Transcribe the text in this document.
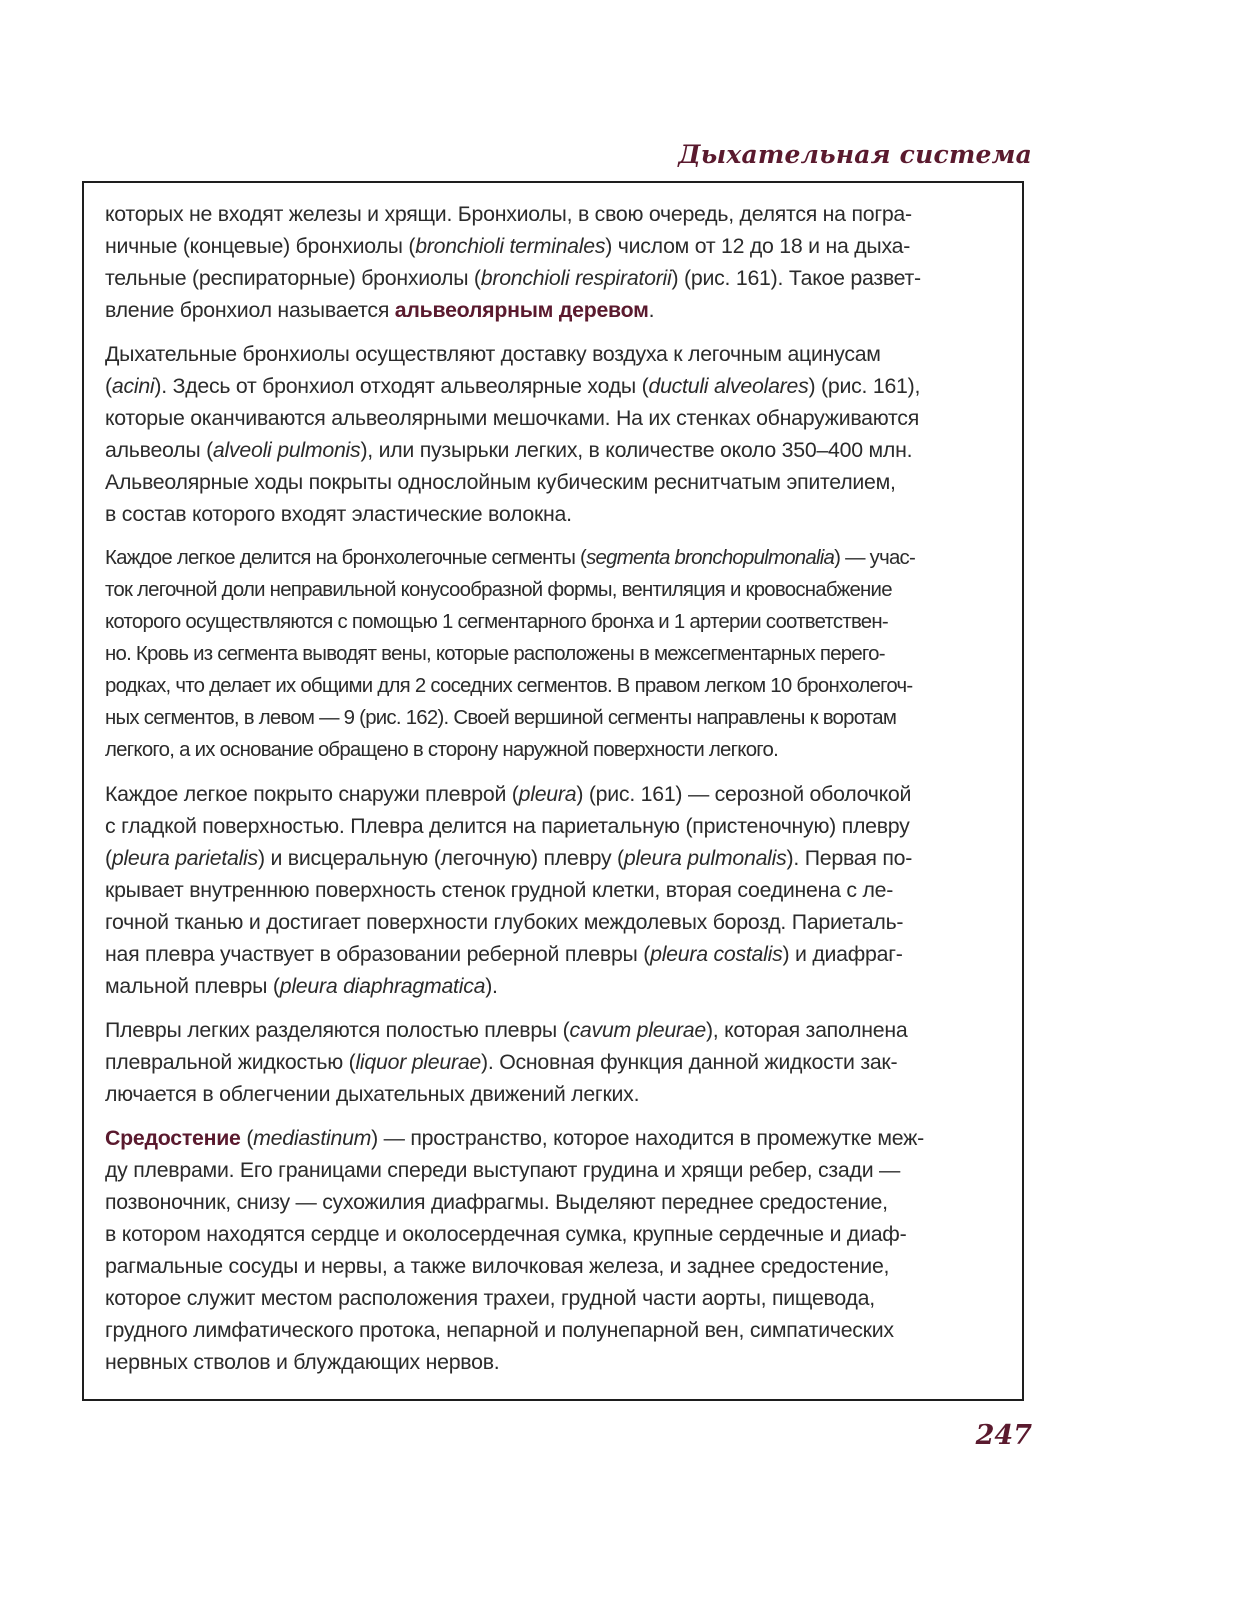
Дыхательная система

которых не входят железы и хрящи. Бронхиолы, в свою очередь, делятся на погра-
ничные (концевые) бронхиолы (bronchioli terminales) числом от 12 до 18 и на дыха-
тельные (респираторные) бронхиолы (bronchioli respiratorii) (рис. 161). Такое развет-
вление бронхиол называется альвеолярным деревом.

Дыхательные бронхиолы осуществляют доставку воздуха к легочным ацинусам
(acini). Здесь от бронхиол отходят альвеолярные ходы (ductuli alveolares) (рис. 161),
которые оканчиваются альвеолярными мешочками. На их стенках обнаруживаются
альвеолы (alveoli pulmonis), или пузырьки легких, в количестве около 350–400 млн.
Альвеолярные ходы покрыты однослойным кубическим реснитчатым эпителием,
в состав которого входят эластические волокна.

Каждое легкое делится на бронхолегочные сегменты (segmenta bronchopulmonalia) — учас-
ток легочной доли неправильной конусообразной формы, вентиляция и кровоснабжение
которого осуществляются с помощью 1 сегментарного бронха и 1 артерии соответствен-
но. Кровь из сегмента выводят вены, которые расположены в межсегментарных перего-
родках, что делает их общими для 2 соседних сегментов. В правом легком 10 бронхолегоч-
ных сегментов, в левом — 9 (рис. 162). Своей вершиной сегменты направлены к воротам
легкого, а их основание обращено в сторону наружной поверхности легкого.

Каждое легкое покрыто снаружи плеврой (pleura) (рис. 161) — серозной оболочкой
с гладкой поверхностью. Плевра делится на париетальную (пристеночную) плевру
(pleura parietalis) и висцеральную (легочную) плевру (pleura pulmonalis). Первая по-
крывает внутреннюю поверхность стенок грудной клетки, вторая соединена с ле-
гочной тканью и достигает поверхности глубоких междолевых борозд. Париеталь-
ная плевра участвует в образовании реберной плевры (pleura costalis) и диафраг-
мальной плевры (pleura diaphragmatica).

Плевры легких разделяются полостью плевры (cavum pleurae), которая заполнена
плевральной жидкостью (liquor pleurae). Основная функция данной жидкости зак-
лючается в облегчении дыхательных движений легких.

Средостение (mediastinum) — пространство, которое находится в промежутке меж-
ду плеврами. Его границами спереди выступают грудина и хрящи ребер, сзади —
позвоночник, снизу — сухожилия диафрагмы. Выделяют переднее средостение,
в котором находятся сердце и околосердечная сумка, крупные сердечные и диаф-
рагмальные сосуды и нервы, а также вилочковая железа, и заднее средостение,
которое служит местом расположения трахеи, грудной части аорты, пищевода,
грудного лимфатического протока, непарной и полунепарной вен, симпатических
нервных стволов и блуждающих нервов.

247
